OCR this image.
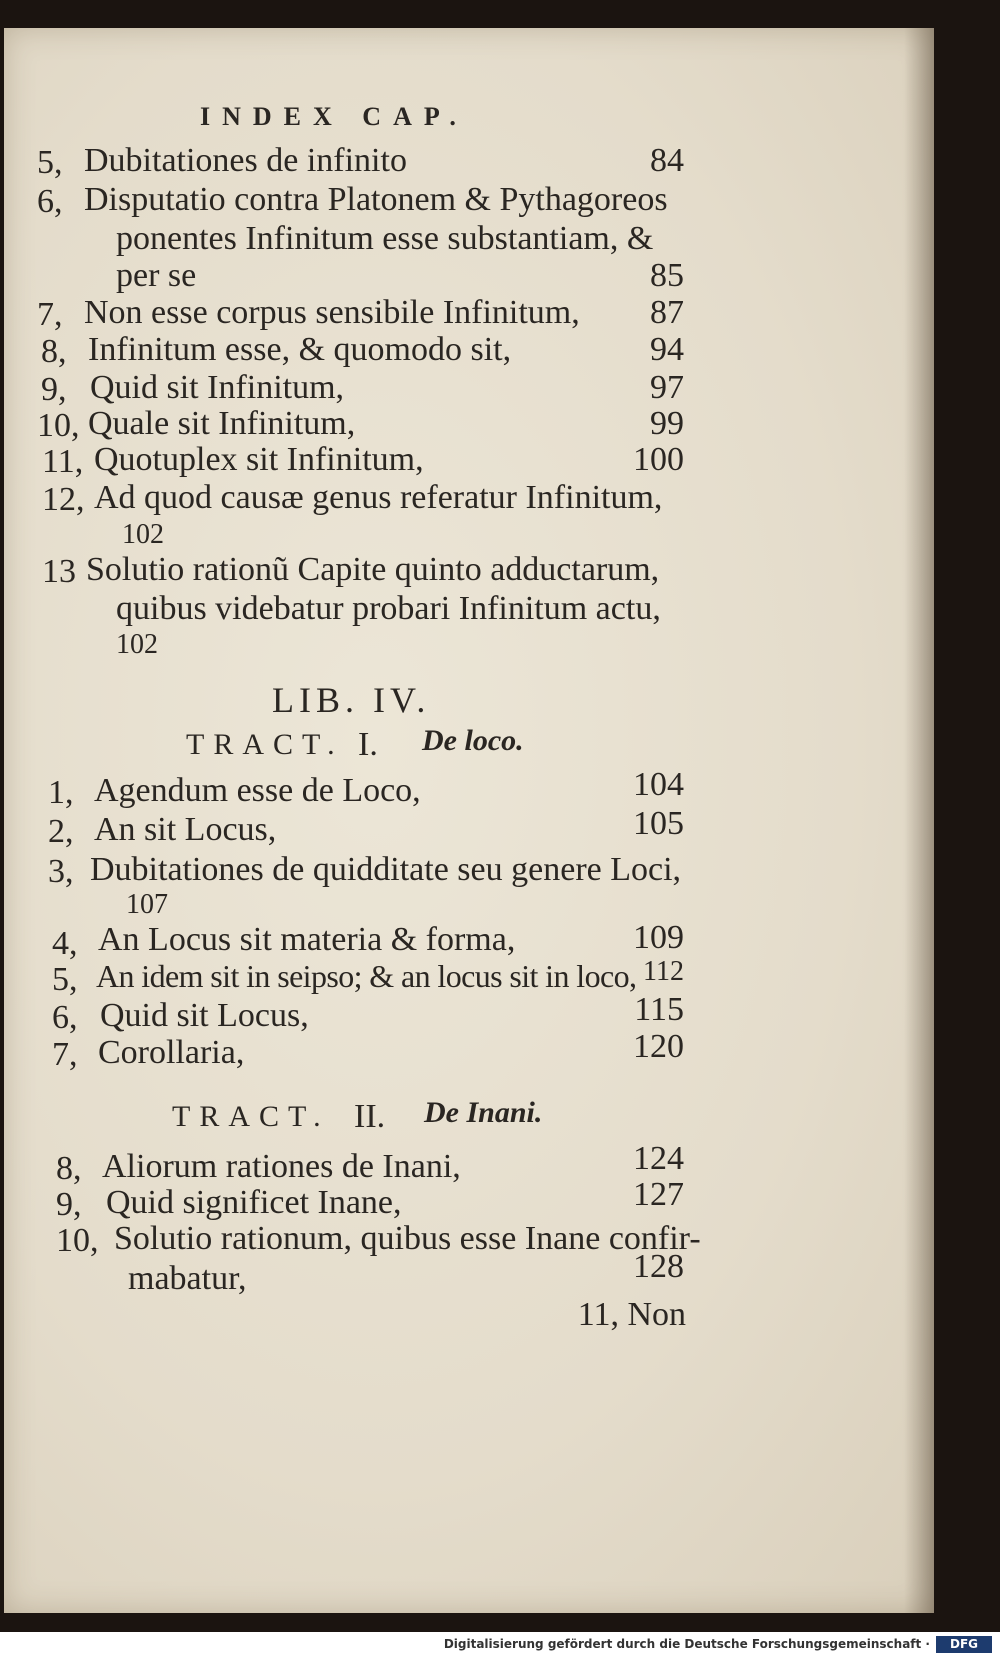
INDEX CAP.
5, Dubitationes de infinito	84
6, Disputatio contra Platonem & Pythagoreos
ponentes Infinitum esse substantiam, &
per se	85
7, Non esse corpus sensibile Infinitum,	87
8, Infinitum esse, & quomodo sit,	94
9, Quid sit Infinitum,	97
10, Quale sit Infinitum,	99
11, Quotuplex sit Infinitum,	100
12, Ad quod causæ genus referatur Infinitum,
102
13 Solutio rationũ Capite quinto adductarum,
quibus videbatur probari Infinitum actu,
102
LIB. IV.
TRACT. I. De loco.
1, Agendum esse de Loco,	104
2, An sit Locus,	105
3, Dubitationes de quidditate seu genere Loci,
107
4, An Locus sit materia & forma,	109
5, An idem sit in seipso; & an locus sit in loco, 112
6, Quid sit Locus,	115
7, Corollaria,	120
TRACT. II. De Inani.
8, Aliorum rationes de Inani,	124
9, Quid significet Inane,	127
10, Solutio rationum, quibus esse Inane confir-
mabatur,	128
11, Non
Digitalisierung gefördert durch die Deutsche Forschungsgemeinschaft ·	DFG
